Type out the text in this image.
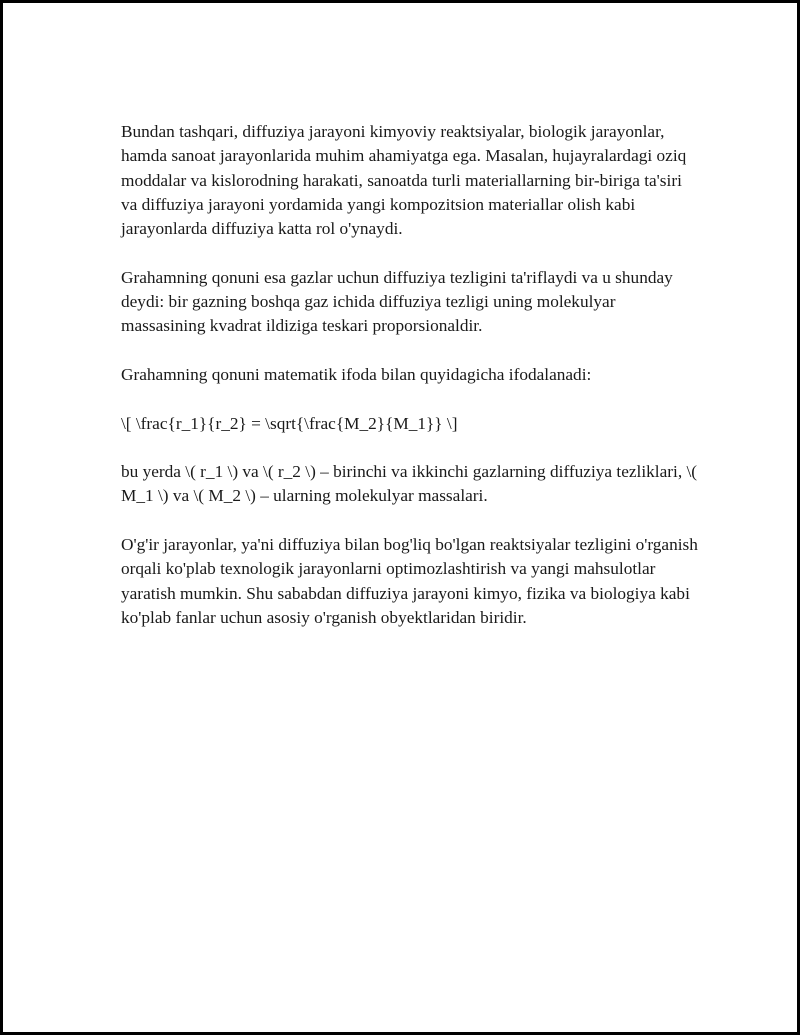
Bundan tashqari, diffuziya jarayoni kimyoviy reaktsiyalar, biologik jarayonlar, hamda sanoat jarayonlarida muhim ahamiyatga ega. Masalan, hujayralardagi oziq moddalar va kislorodning harakati, sanoatda turli materiallarning bir-biriga ta'siri va diffuziya jarayoni yordamida yangi kompozitsion materiallar olish kabi jarayonlarda diffuziya katta rol o'ynaydi.

Grahamning qonuni esa gazlar uchun diffuziya tezligini ta'riflaydi va u shunday deydi: bir gazning boshqa gaz ichida diffuziya tezligi uning molekulyar massasining kvadrat ildiziga teskari proporsionaldir.

Grahamning qonuni matematik ifoda bilan quyidagicha ifodalanadi:

\[ \frac{r_1}{r_2} = \sqrt{\frac{M_2}{M_1}} \]

bu yerda \( r_1 \) va \( r_2 \) – birinchi va ikkinchi gazlarning diffuziya tezliklari, \( M_1 \) va \( M_2 \) – ularning molekulyar massalari.

O'g'ir jarayonlar, ya'ni diffuziya bilan bog'liq bo'lgan reaktsiyalar tezligini o'rganish orqali ko'plab texnologik jarayonlarni optimozlashtirish va yangi mahsulotlar yaratish mumkin. Shu sababdan diffuziya jarayoni kimyo, fizika va biologiya kabi ko'plab fanlar uchun asosiy o'rganish obyektlaridan biridir.
